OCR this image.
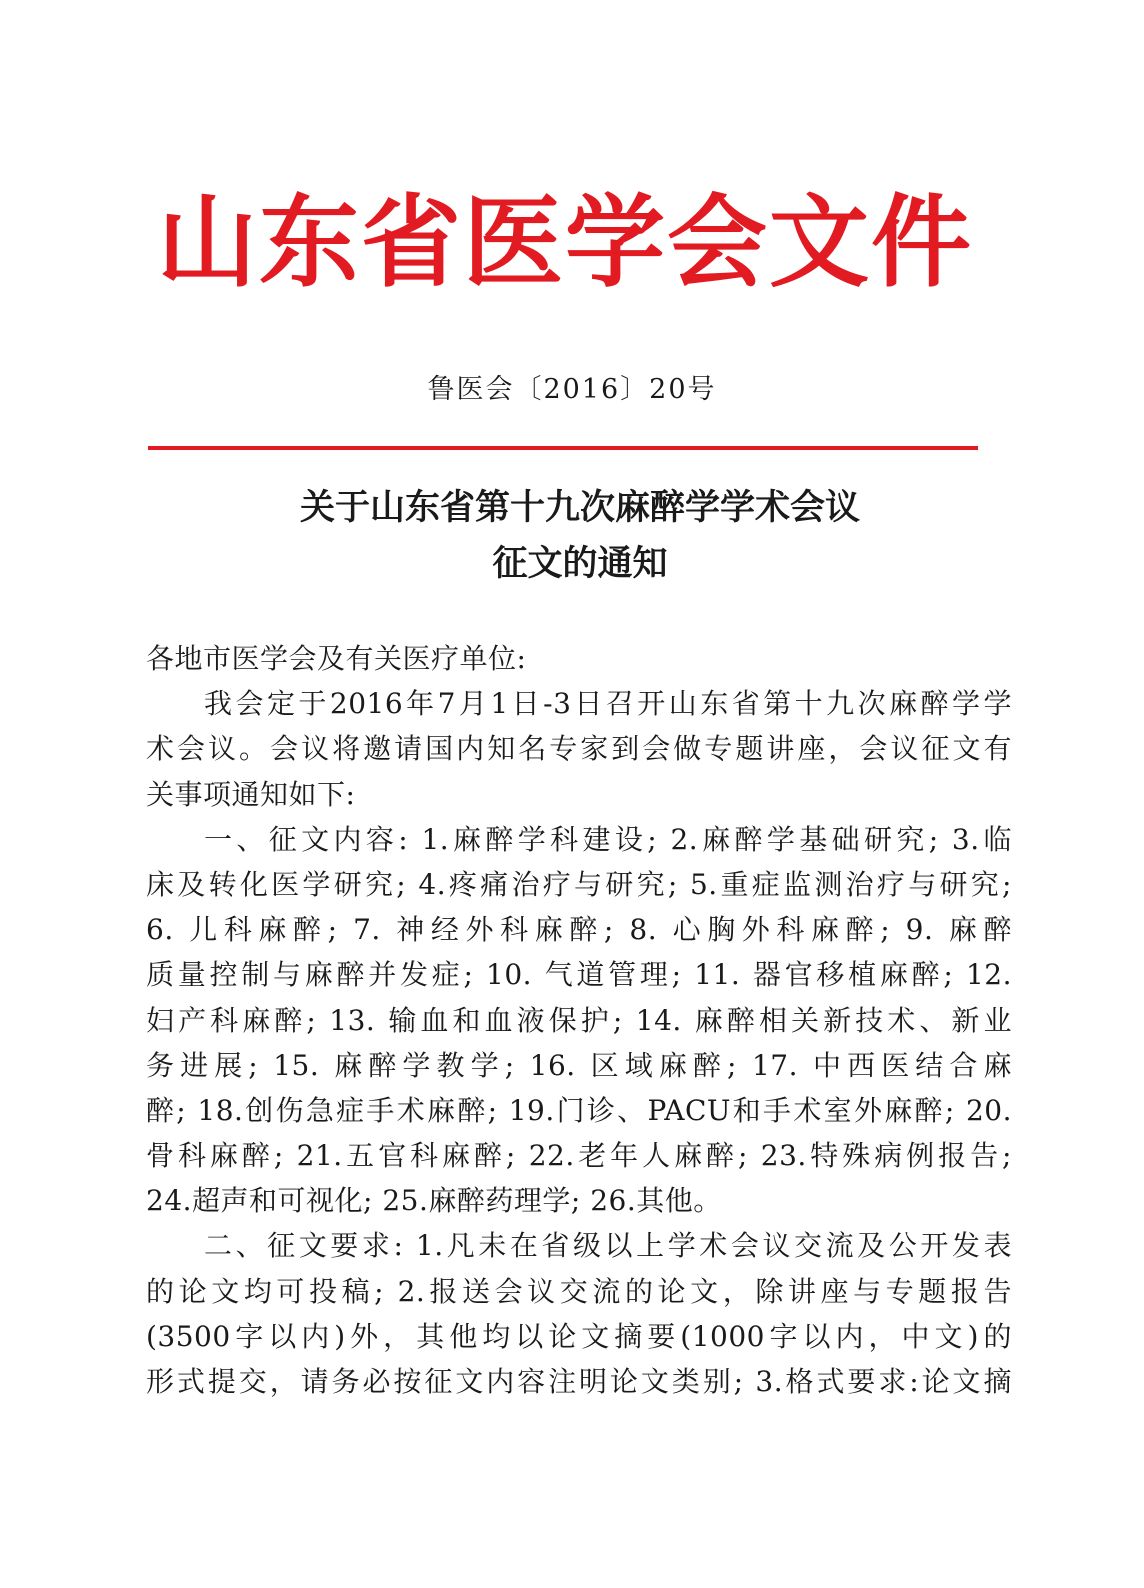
山东省医学会文件
鲁医会〔2016〕20号
关于山东省第十九次麻醉学学术会议
征文的通知
各地市医学会及有关医疗单位:
我会定于2016年7月1日-3日召开山东省第十九次麻醉学学
术会议。会议将邀请国内知名专家到会做专题讲座，会议征文有
关事项通知如下:
一、征文内容: 1.麻醉学科建设; 2.麻醉学基础研究; 3.临
床及转化医学研究; 4.疼痛治疗与研究; 5.重症监测治疗与研究;
6. 儿科麻醉; 7. 神经外科麻醉; 8. 心胸外科麻醉; 9. 麻醉
质量控制与麻醉并发症; 10. 气道管理; 11. 器官移植麻醉; 12.
妇产科麻醉; 13. 输血和血液保护; 14. 麻醉相关新技术、新业
务进展; 15. 麻醉学教学; 16. 区域麻醉; 17. 中西医结合麻
醉; 18.创伤急症手术麻醉; 19.门诊、PACU和手术室外麻醉; 20.
骨科麻醉; 21.五官科麻醉; 22.老年人麻醉; 23.特殊病例报告;
24.超声和可视化; 25.麻醉药理学; 26.其他。
二、征文要求: 1.凡未在省级以上学术会议交流及公开发表
的论文均可投稿; 2.报送会议交流的论文，除讲座与专题报告
(3500字以内)外，其他均以论文摘要(1000字以内，中文)的
形式提交，请务必按征文内容注明论文类别; 3.格式要求:论文摘
